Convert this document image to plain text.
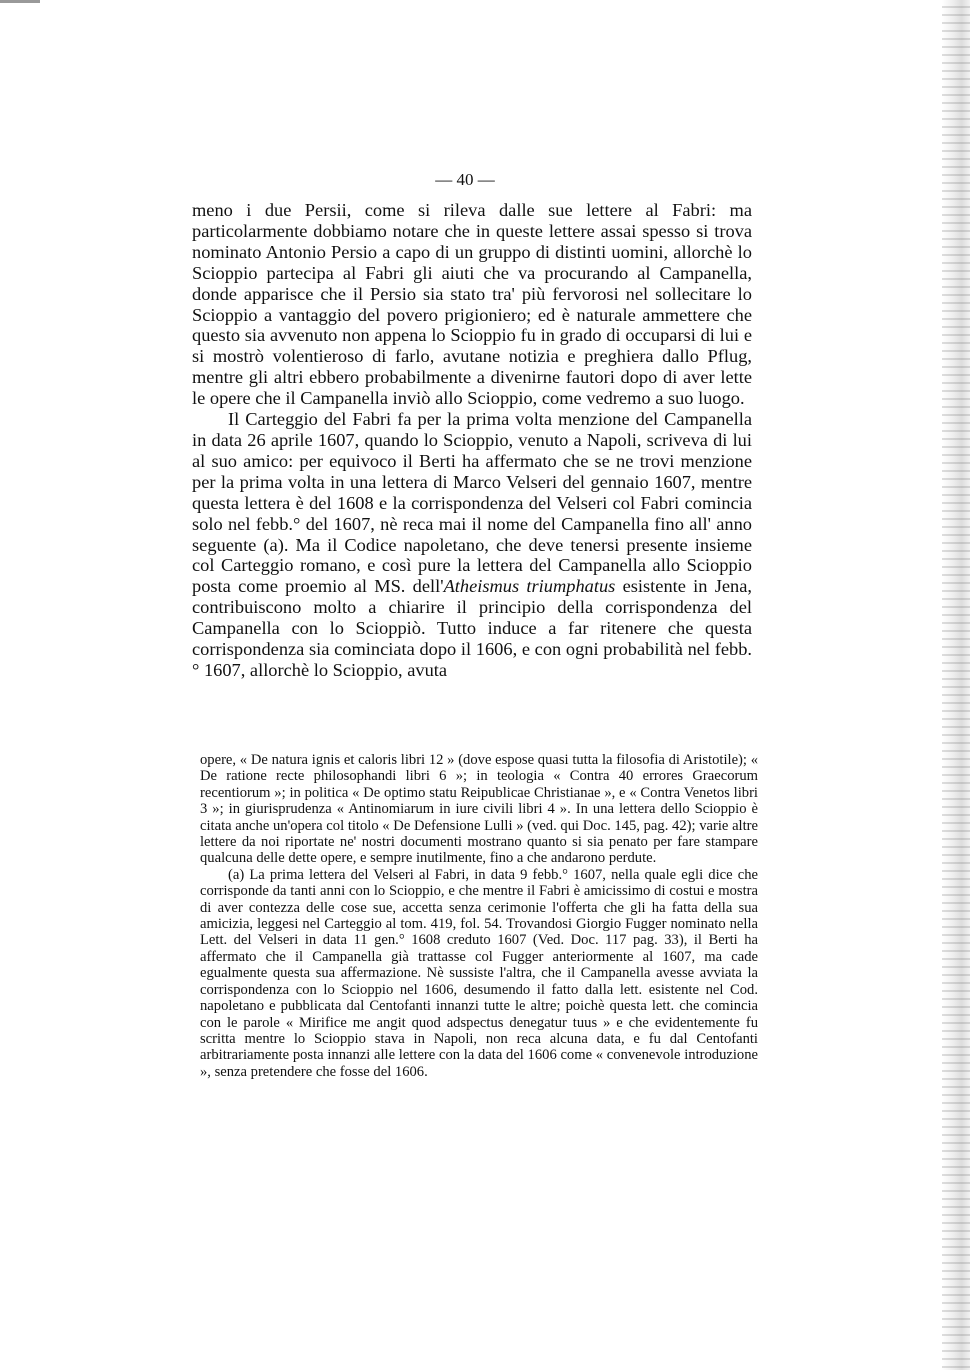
— 40 —

meno i due Persii, come si rileva dalle sue lettere al Fabri: ma particolarmente dobbiamo notare che in queste lettere assai spesso si trova nominato Antonio Persio a capo di un gruppo di distinti uomini, allorchè lo Scioppio partecipa al Fabri gli aiuti che va procurando al Campanella, donde apparisce che il Persio sia stato tra' più fervorosi nel sollecitare lo Scioppio a vantaggio del povero prigioniero; ed è naturale ammettere che questo sia avvenuto non appena lo Scioppio fu in grado di occuparsi di lui e si mostrò volentieroso di farlo, avutane notizia e preghiera dallo Pflug, mentre gli altri ebbero probabilmente a divenirne fautori dopo di aver lette le opere che il Campanella inviò allo Scioppio, come vedremo a suo luogo.

Il Carteggio del Fabri fa per la prima volta menzione del Campanella in data 26 aprile 1607, quando lo Scioppio, venuto a Napoli, scriveva di lui al suo amico: per equivoco il Berti ha affermato che se ne trovi menzione per la prima volta in una lettera di Marco Velseri del gennaio 1607, mentre questa lettera è del 1608 e la corrispondenza del Velseri col Fabri comincia solo nel febb.° del 1607, nè reca mai il nome del Campanella fino all' anno seguente (a). Ma il Codice napoletano, che deve tenersi presente insieme col Carteggio romano, e così pure la lettera del Campanella allo Scioppio posta come proemio al MS. dell'Atheismus triumphatus esistente in Jena, contribuiscono molto a chiarire il principio della corrispondenza del Campanella con lo Scioppiò. Tutto induce a far ritenere che questa corrispondenza sia cominciata dopo il 1606, e con ogni probabilità nel febb.° 1607, allorchè lo Scioppio, avuta

opere, « De natura ignis et caloris libri 12 » (dove espose quasi tutta la filosofia di Aristotile); « De ratione recte philosophandi libri 6 »; in teologia « Contra 40 errores Graecorum recentiorum »; in politica « De optimo statu Reipublicae Christianae », e « Contra Venetos libri 3 »; in giurisprudenza « Antinomiarum in iure civili libri 4 ». In una lettera dello Scioppio è citata anche un'opera col titolo « De Defensione Lulli » (ved. qui Doc. 145, pag. 42); varie altre lettere da noi riportate ne' nostri documenti mostrano quanto si sia penato per fare stampare qualcuna delle dette opere, e sempre inutilmente, fino a che andarono perdute.

(a) La prima lettera del Velseri al Fabri, in data 9 febb.° 1607, nella quale egli dice che corrisponde da tanti anni con lo Scioppio, e che mentre il Fabri è amicissimo di costui e mostra di aver contezza delle cose sue, accetta senza cerimonie l'offerta che gli ha fatta della sua amicizia, leggesi nel Carteggio al tom. 419, fol. 54. Trovandosi Giorgio Fugger nominato nella Lett. del Velseri in data 11 gen.° 1608 creduto 1607 (Ved. Doc. 117 pag. 33), il Berti ha affermato che il Campanella già trattasse col Fugger anteriormente al 1607, ma cade egualmente questa sua affermazione. Nè sussiste l'altra, che il Campanella avesse avviata la corrispondenza con lo Scioppio nel 1606, desumendo il fatto dalla lett. esistente nel Cod. napoletano e pubblicata dal Centofanti innanzi tutte le altre; poichè questa lett. che comincia con le parole « Mirifice me angit quod adspectus denegatur tuus » e che evidentemente fu scritta mentre lo Scioppio stava in Napoli, non reca alcuna data, e fu dal Centofanti arbitrariamente posta innanzi alle lettere con la data del 1606 come « convenevole introduzione », senza pretendere che fosse del 1606.
